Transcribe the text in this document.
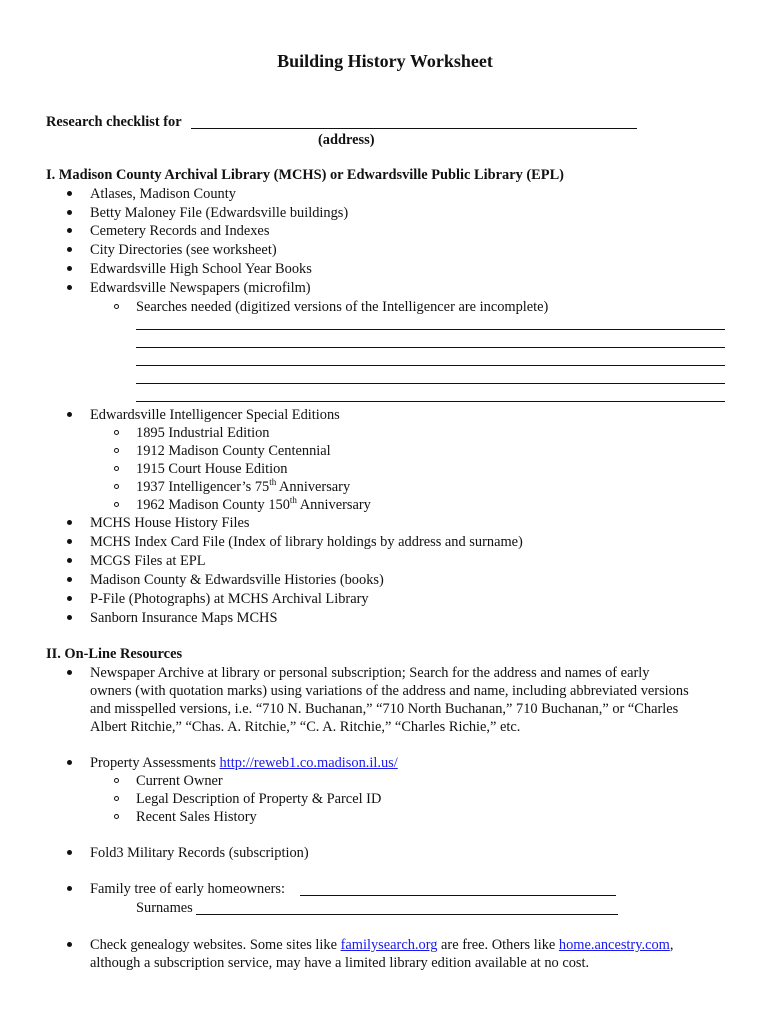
Building History Worksheet
Research checklist for
(address)
I. Madison County Archival Library (MCHS) or Edwardsville Public Library (EPL)
Atlases, Madison County
Betty Maloney File (Edwardsville buildings)
Cemetery Records and Indexes
City Directories (see worksheet)
Edwardsville High School Year Books
Edwardsville Newspapers (microfilm)
Searches needed (digitized versions of the Intelligencer are incomplete)
Edwardsville Intelligencer Special Editions
1895 Industrial Edition
1912 Madison County Centennial
1915 Court House Edition
1937 Intelligencer’s 75th Anniversary
1962 Madison County 150th Anniversary
MCHS House History Files
MCHS Index Card File (Index of library holdings by address and surname)
MCGS Files at EPL
Madison County & Edwardsville Histories (books)
P-File (Photographs) at MCHS Archival Library
Sanborn Insurance Maps MCHS
II. On-Line Resources
Newspaper Archive at library or personal subscription; Search for the address and names of early
owners (with quotation marks) using variations of the address and name, including abbreviated versions
and misspelled versions, i.e. “710 N. Buchanan,” “710 North Buchanan,” 710 Buchanan,” or “Charles
Albert Ritchie,” “Chas. A. Ritchie,” “C. A. Ritchie,” “Charles Richie,” etc.
Property Assessments http://reweb1.co.madison.il.us/
Current Owner
Legal Description of Property & Parcel ID
Recent Sales History
Fold3 Military Records (subscription)
Family tree of early homeowners:
Surnames
Check genealogy websites. Some sites like familysearch.org are free. Others like home.ancestry.com,
although a subscription service, may have a limited library edition available at no cost.
